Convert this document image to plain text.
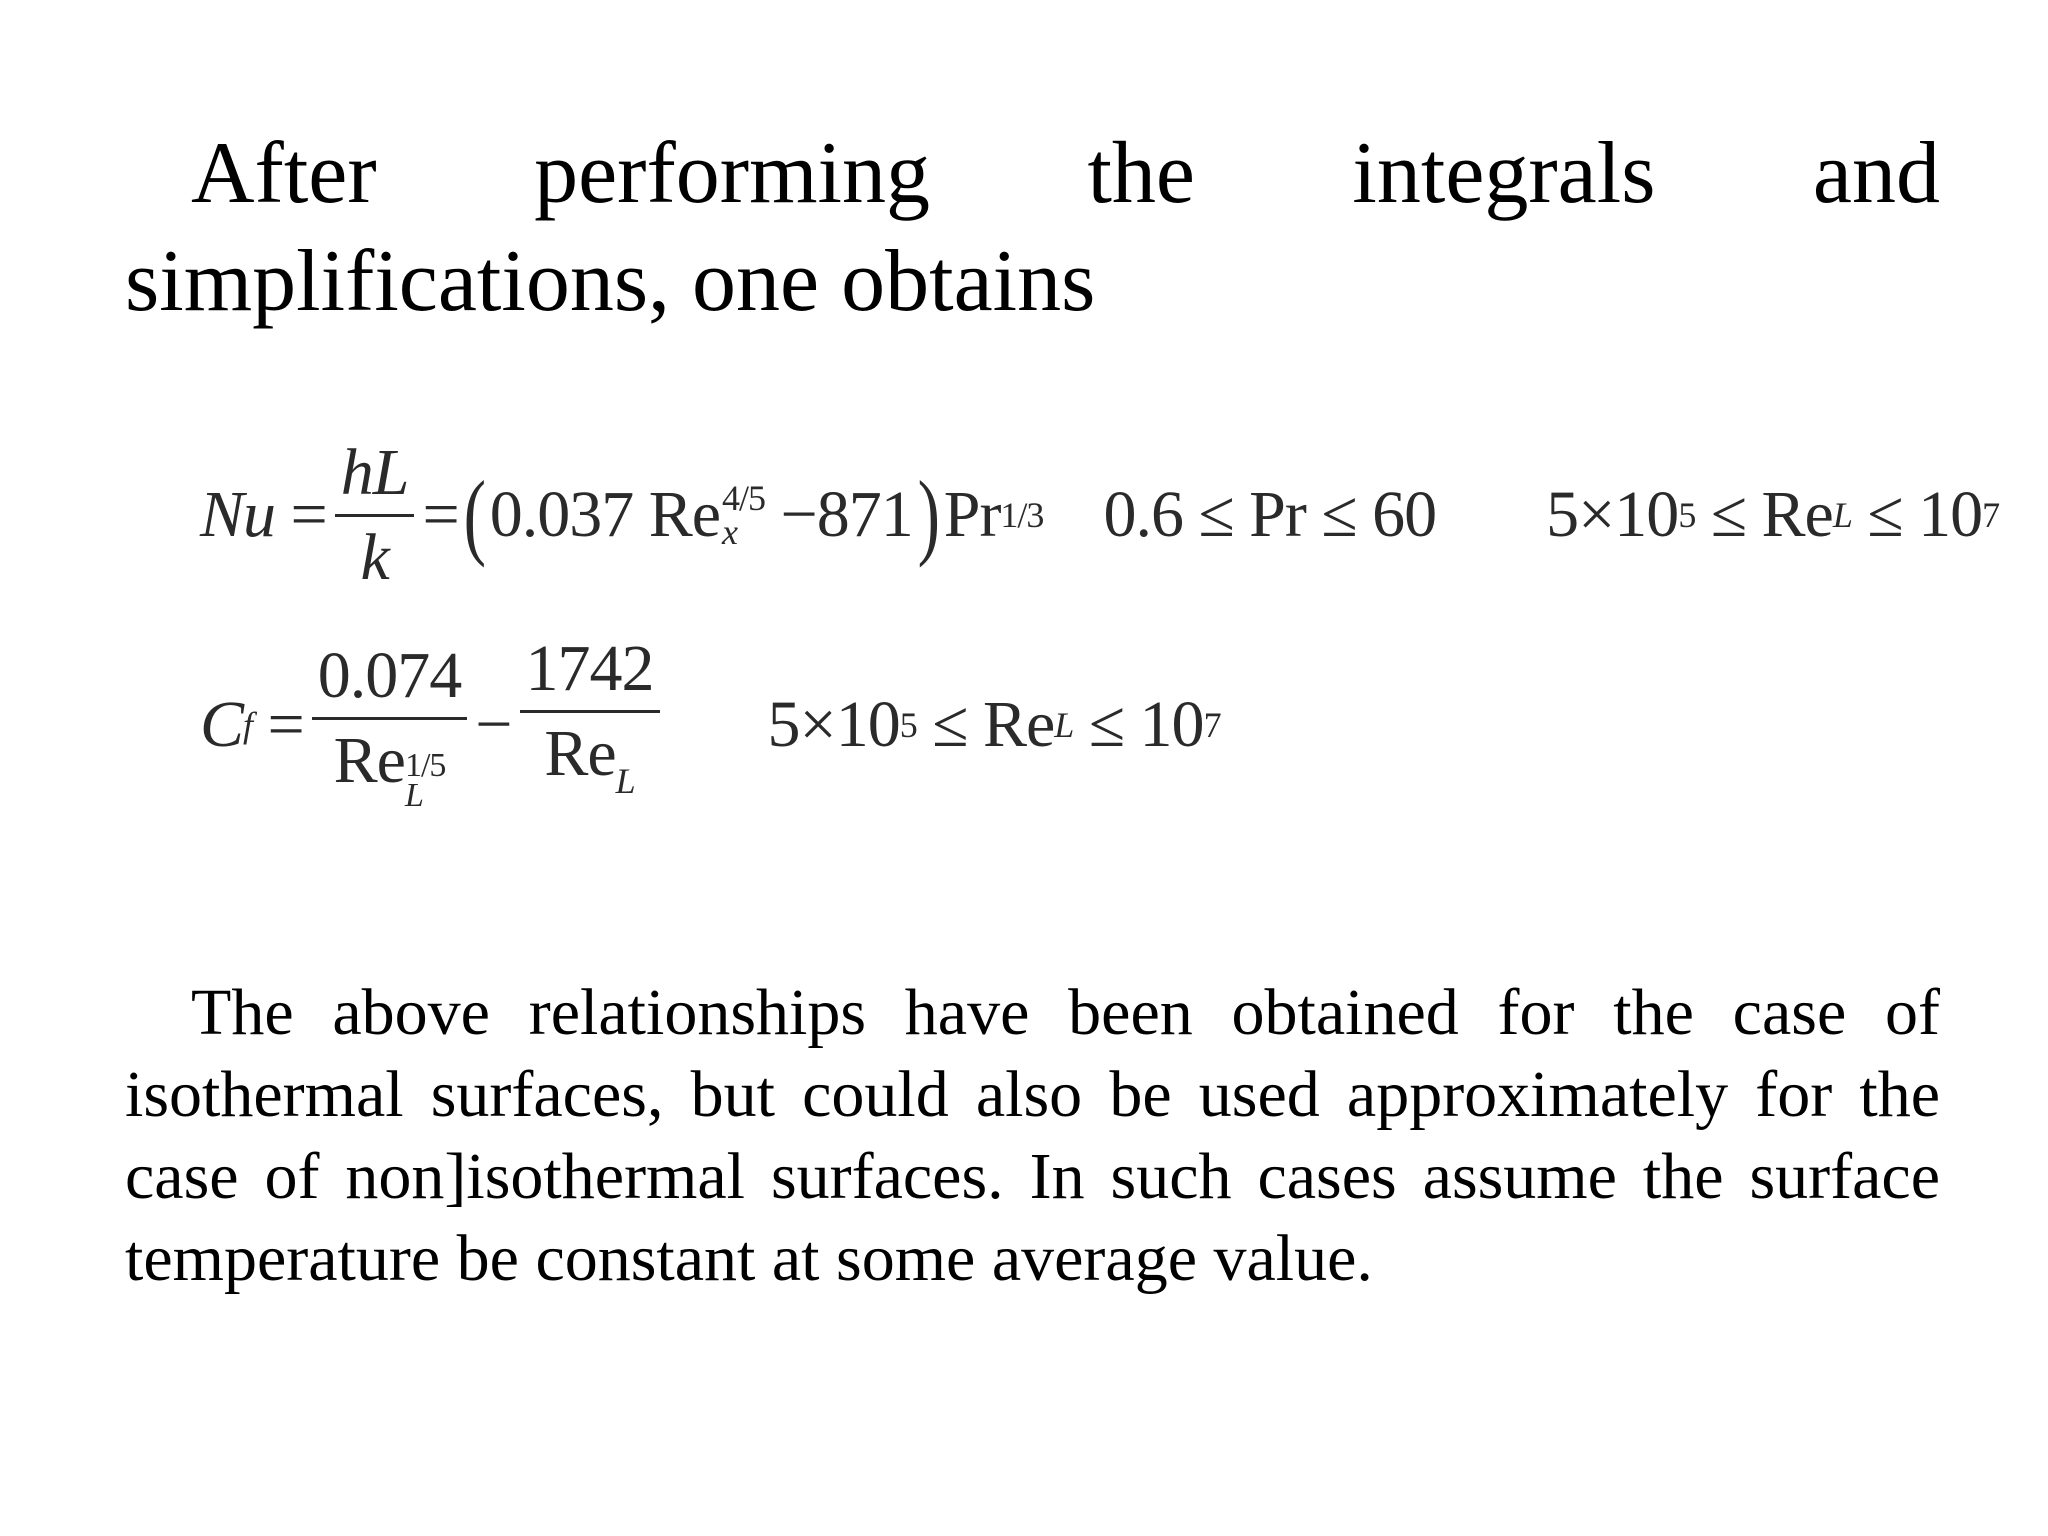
After performing the integrals and
simplifications, one obtains
$Nu = \frac{hL}{k}$ = ( 0.037 Re 4/5
x − 871 ) Pr 1/3 0.6 ≤ Pr ≤ 60 5×10 5 ≤ Re L ≤ 10 7
C f = 0.074
Re 1/5
$L - \frac{1742}{Re_L} 5\times 10$ 5 ≤ Re L ≤ 10 7

The above relationships have been obtained for the case of isothermal surfaces, but could also be used approximately for the case of non]isothermal surfaces. In such cases assume the surface temperature be constant at some average value.
